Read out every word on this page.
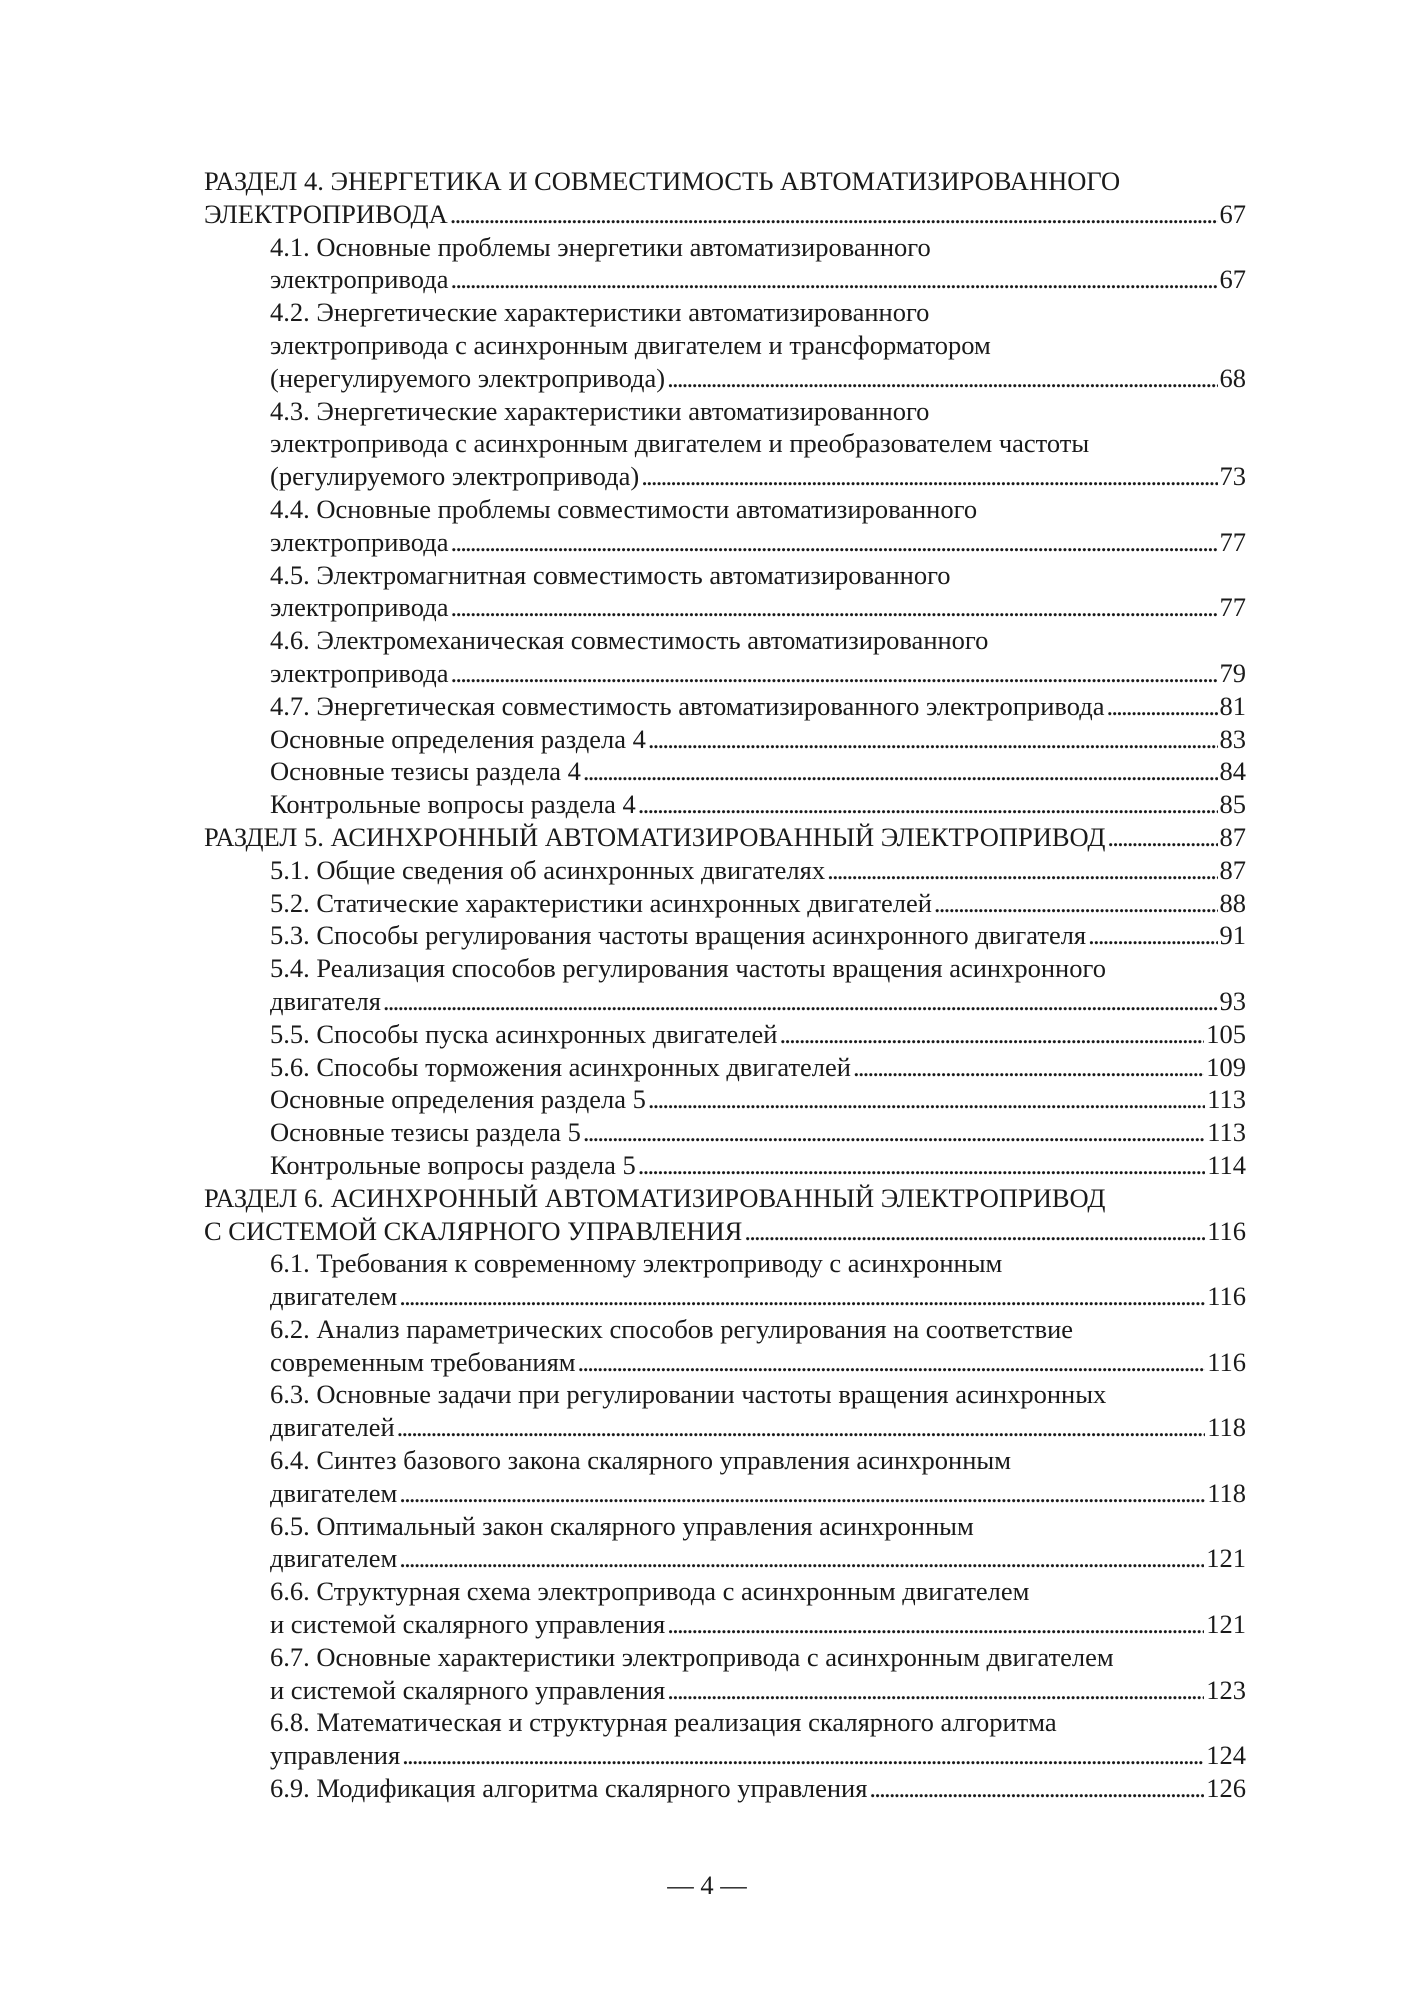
РАЗДЕЛ 4. ЭНЕРГЕТИКА И СОВМЕСТИМОСТЬ АВТОМАТИЗИРОВАННОГО
ЭЛЕКТРОПРИВОДА . . .	67
4.1. Основные проблемы энергетики автоматизированного
электропривода . . .	67
4.2. Энергетические характеристики автоматизированного
электропривода с асинхронным двигателем и трансформатором
(нерегулируемого электропривода) . . .	68
4.3. Энергетические характеристики автоматизированного
электропривода с асинхронным двигателем и преобразователем частоты
(регулируемого электропривода) . . .	73
4.4. Основные проблемы совместимости автоматизированного
электропривода . . .	77
4.5. Электромагнитная совместимость автоматизированного
электропривода . . .	77
4.6. Электромеханическая совместимость автоматизированного
электропривода . . .	79
4.7. Энергетическая совместимость автоматизированного электропривода . . .	81
Основные определения раздела 4 . . .	83
Основные тезисы раздела 4 . . .	84
Контрольные вопросы раздела 4 . . .	85
РАЗДЕЛ 5. АСИНХРОННЫЙ АВТОМАТИЗИРОВАННЫЙ ЭЛЕКТРОПРИВОД . . .	87
5.1. Общие сведения об асинхронных двигателях . . .	87
5.2. Статические характеристики асинхронных двигателей . . .	88
5.3. Способы регулирования частоты вращения асинхронного двигателя . . .	91
5.4. Реализация способов регулирования частоты вращения асинхронного
двигателя . . .	93
5.5. Способы пуска асинхронных двигателей . . .	105
5.6. Способы торможения асинхронных двигателей . . .	109
Основные определения раздела 5 . . .	113
Основные тезисы раздела 5 . . .	113
Контрольные вопросы раздела 5 . . .	114
РАЗДЕЛ 6. АСИНХРОННЫЙ АВТОМАТИЗИРОВАННЫЙ ЭЛЕКТРОПРИВОД
С СИСТЕМОЙ СКАЛЯРНОГО УПРАВЛЕНИЯ . . .	116
6.1. Требования к современному электроприводу с асинхронным
двигателем . . .	116
6.2. Анализ параметрических способов регулирования на соответствие
современным требованиям . . .	116
6.3. Основные задачи при регулировании частоты вращения асинхронных
двигателей . . .	118
6.4. Синтез базового закона скалярного управления асинхронным
двигателем . . .	118
6.5. Оптимальный закон скалярного управления асинхронным
двигателем . . .	121
6.6. Структурная схема электропривода с асинхронным двигателем
и системой скалярного управления . . .	121
6.7. Основные характеристики электропривода с асинхронным двигателем
и системой скалярного управления . . .	123
6.8. Математическая и структурная реализация скалярного алгоритма
управления . . .	124
6.9. Модификация алгоритма скалярного управления . . .	126
— 4 —
